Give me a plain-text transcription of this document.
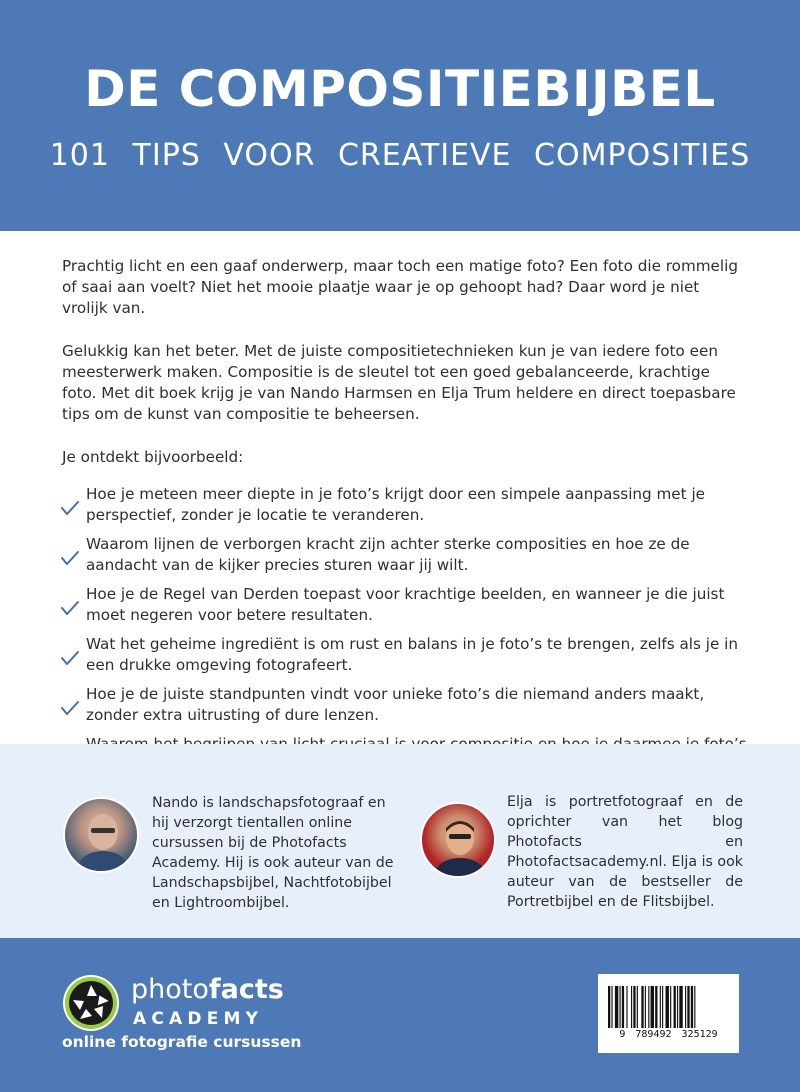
DE COMPOSITIEBIJBEL
101 TIPS VOOR CREATIEVE COMPOSITIES

Prachtig licht en een gaaf onderwerp, maar toch een matige foto? Een foto die rommelig of saai aan voelt? Niet het mooie plaatje waar je op gehoopt had? Daar word je niet vrolijk van.

Gelukkig kan het beter. Met de juiste compositietechnieken kun je van iedere foto een meesterwerk maken. Compositie is de sleutel tot een goed gebalanceerde, krachtige foto. Met dit boek krijg je van Nando Harmsen en Elja Trum heldere en direct toepasbare tips om de kunst van compositie te beheersen.

Je ontdekt bijvoorbeeld:

Hoe je meteen meer diepte in je foto’s krijgt door een simpele aanpassing met je perspectief, zonder je locatie te veranderen.
Waarom lijnen de verborgen kracht zijn achter sterke composities en hoe ze de aandacht van de kijker precies sturen waar jij wilt.
Hoe je de Regel van Derden toepast voor krachtige beelden, en wanneer je die juist moet negeren voor betere resultaten.
Wat het geheime ingrediënt is om rust en balans in je foto’s te brengen, zelfs als je in een drukke omgeving fotografeert.
Hoe je de juiste standpunten vindt voor unieke foto’s die niemand anders maakt, zonder extra uitrusting of dure lenzen.
Nando is landschapsfotograaf en hij verzorgt tientallen online cursussen bij de Photofacts Academy. Hij is ook auteur van de Landschapsbijbel, Nachtfotobijbel en Lightroombijbel.
Elja is portretfotograaf en de oprichter van het blog Photofacts en Photofactsacademy.nl. Elja is ook auteur van de bestseller de Portretbijbel en de Flitsbijbel.
photofacts
ACADEMY
online fotografie cursussen	9 789492 325129
